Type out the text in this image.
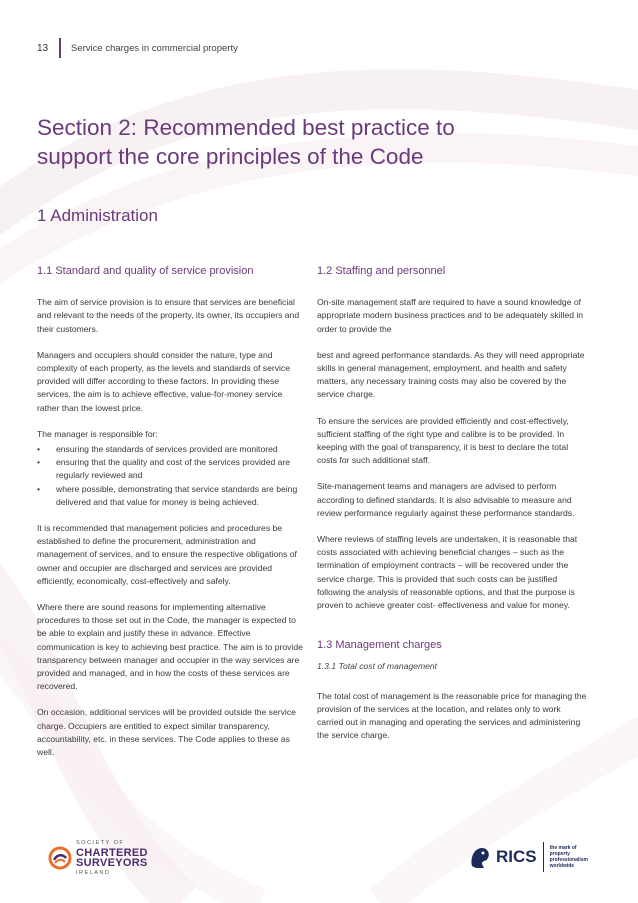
13	Service charges in commercial property
Section 2: Recommended best practice to
support the core principles of the Code
1 Administration
1.1 Standard and quality of service provision

The aim of service provision is to ensure that services are beneficial and relevant to the needs of the property, its owner, its occupiers and their customers.

Managers and occupiers should consider the nature, type and complexity of each property, as the levels and standards of service provided will differ according to these factors. In providing these services, the aim is to achieve effective, value-for-money service rather than the lowest price.

The manager is responsible for:

• ensuring the standards of services provided are monitored
• ensuring that the quality and cost of the services provided are regularly reviewed and
• where possible, demonstrating that service standards are being delivered and that value for money is being achieved.

It is recommended that management policies and procedures be established to define the procurement, administration and management of services, and to ensure the respective obligations of owner and occupier are discharged and services are provided efficiently, economically, cost-effectively and safely.

Where there are sound reasons for implementing alternative procedures to those set out in the Code, the manager is expected to be able to explain and justify these in advance. Effective communication is key to achieving best practice. The aim is to provide transparency between manager and occupier in the way services are provided and managed, and in how the costs of these services are recovered.

On occasion, additional services will be provided outside the service charge. Occupiers are entitled to expect similar transparency, accountability, etc. in these services. The Code applies to these as well.

1.2 Staffing and personnel

On-site management staff are required to have a sound knowledge of appropriate modern business practices and to be adequately skilled in order to provide the

best and agreed performance standards. As they will need appropriate skills in general management, employment, and health and safety matters, any necessary training costs may also be covered by the service charge.

To ensure the services are provided efficiently and cost-effectively, sufficient staffing of the right type and calibre is to be provided. In keeping with the goal of transparency, it is best to declare the total costs for such additional staff.

Site-management teams and managers are advised to perform according to defined standards. It is also advisable to measure and review performance regularly against these performance standards.

Where reviews of staffing levels are undertaken, it is reasonable that costs associated with achieving beneficial changes – such as the termination of employment contracts – will be recovered under the service charge. This is provided that such costs can be justified following the analysis of reasonable options, and that the purpose is proven to achieve greater cost- effectiveness and value for money.

1.3 Management charges
1.3.1 Total cost of management

The total cost of management is the reasonable price for managing the provision of the services at the location, and relates only to work carried out in managing and operating the services and administering the service charge.

SOCIETY OF
CHARTERED
SURVEYORS
IRELAND
RICS	the mark of
property
professionalism
worldwide
